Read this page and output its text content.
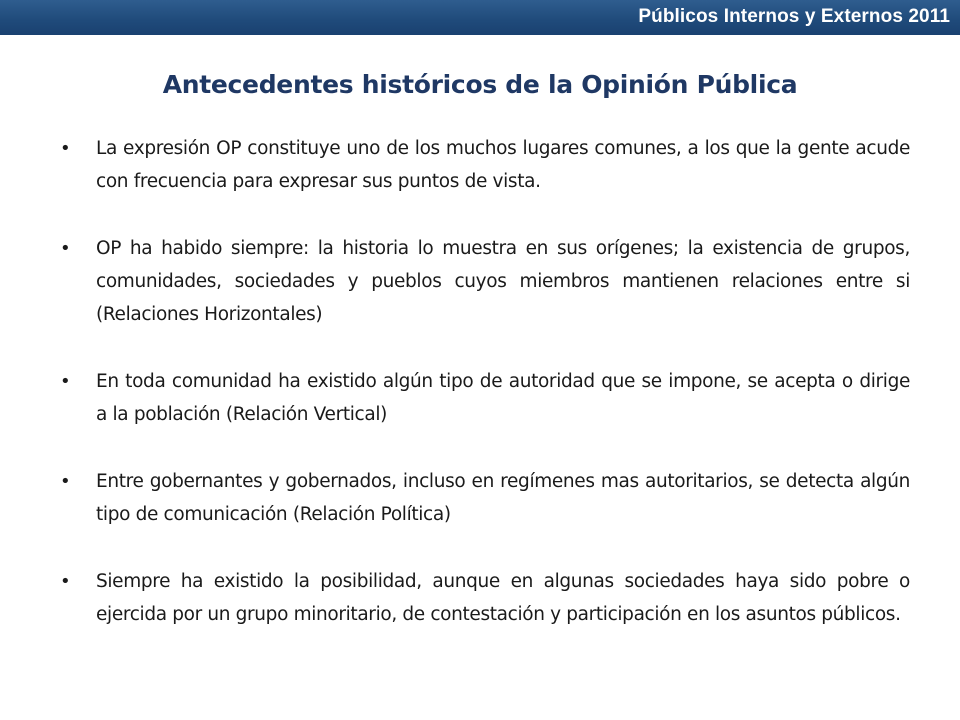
Públicos Internos y Externos 2011
Antecedentes históricos de la Opinión Pública
• La expresión OP constituye uno de los muchos lugares comunes, a los que la gente acude con frecuencia para expresar sus puntos de vista.
• OP ha habido siempre: la historia lo muestra en sus orígenes; la existencia de grupos, comunidades, sociedades y pueblos cuyos miembros mantienen relaciones entre si (Relaciones Horizontales)
• En toda comunidad ha existido algún tipo de autoridad que se impone, se acepta o dirige a la población (Relación Vertical)
• Entre gobernantes y gobernados, incluso en regímenes mas autoritarios, se detecta algún tipo de comunicación (Relación Política)
• Siempre ha existido la posibilidad, aunque en algunas sociedades haya sido pobre o ejercida por un grupo minoritario, de contestación y participación en los asuntos públicos.
